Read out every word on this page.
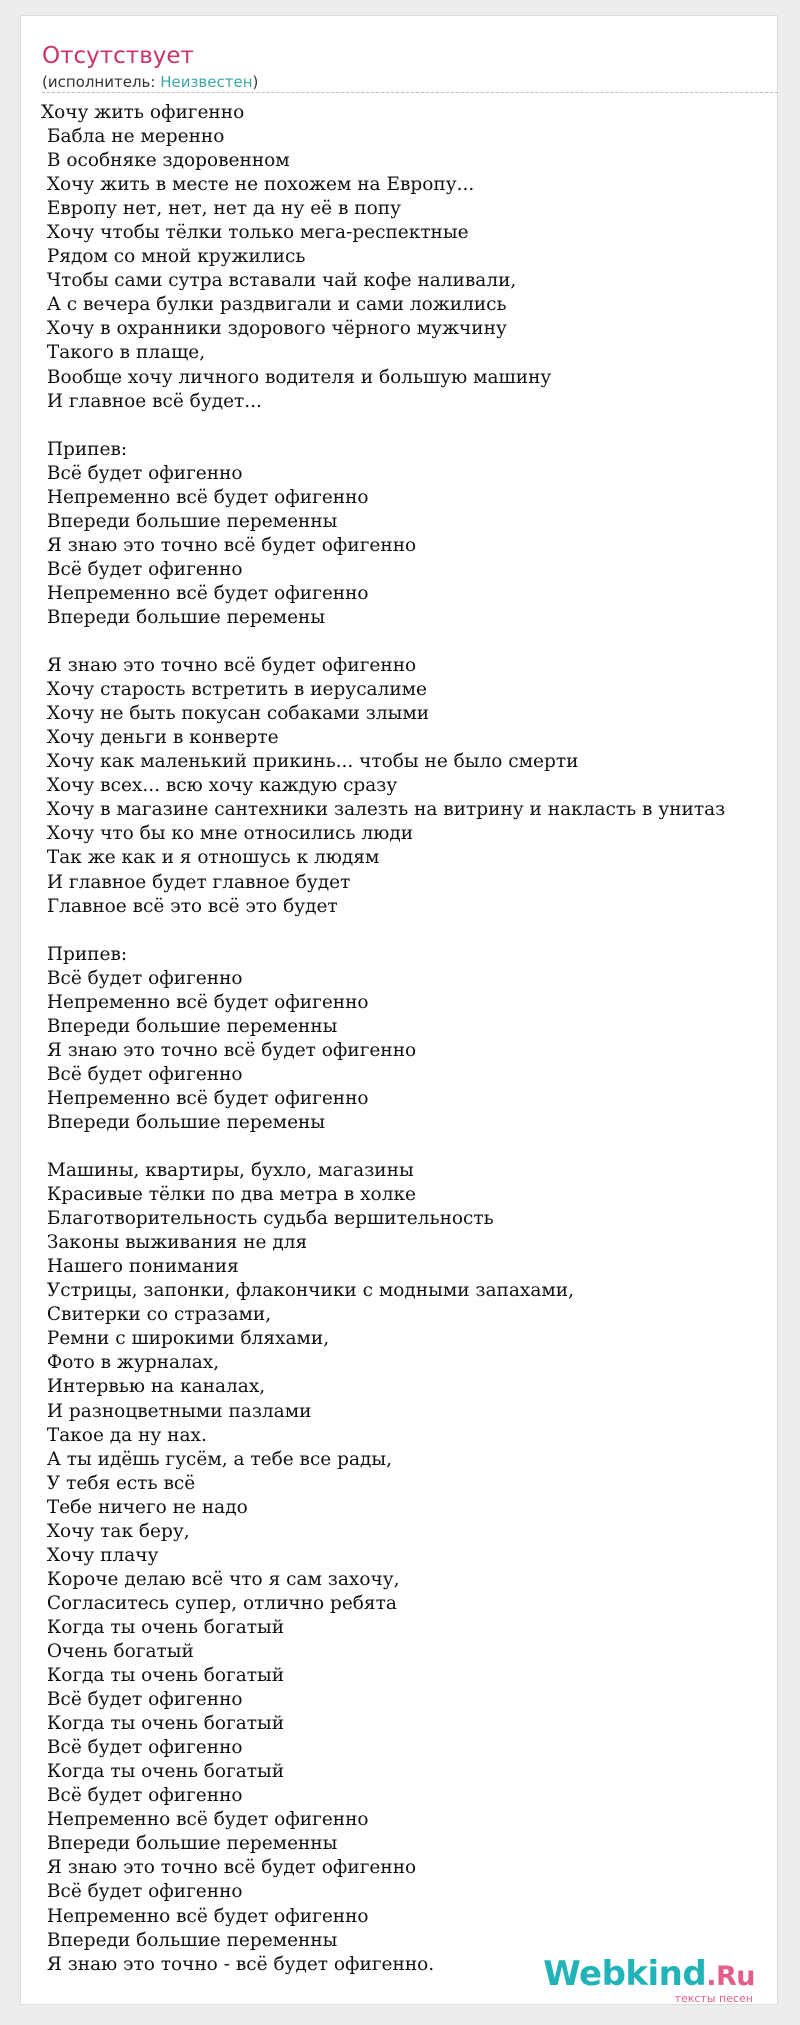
Отсутствует
(исполнитель: Неизвестен)
Хочу жить офигенно
Бабла не меренно
В особняке здоровенном
Хочу жить в месте не похожем на Европу...
Европу нет, нет, нет да ну её в попу
Хочу чтобы тёлки только мега-респектные
Рядом со мной кружились
Чтобы сами сутра вставали чай кофе наливали,
А с вечера булки раздвигали и сами ложились
Хочу в охранники здорового чёрного мужчину
Такого в плаще,
Вообще хочу личного водителя и большую машину
И главное всё будет...

Припев:
Всё будет офигенно
Непременно всё будет офигенно
Впереди большие переменны
Я знаю это точно всё будет офигенно
Всё будет офигенно
Непременно всё будет офигенно
Впереди большие перемены

Я знаю это точно всё будет офигенно
Хочу старость встретить в иерусалиме
Хочу не быть покусан собаками злыми
Хочу деньги в конверте
Хочу как маленький прикинь... чтобы не было смерти
Хочу всех... всю хочу каждую сразу
Хочу в магазине сантехники залезть на витрину и накласть в унитаз
Хочу что бы ко мне относились люди
Так же как и я отношусь к людям
И главное будет главное будет
Главное всё это всё это будет

Припев:
Всё будет офигенно
Непременно всё будет офигенно
Впереди большие переменны
Я знаю это точно всё будет офигенно
Всё будет офигенно
Непременно всё будет офигенно
Впереди большие перемены

Машины, квартиры, бухло, магазины
Красивые тёлки по два метра в холке
Благотворительность судьба вершительность
Законы выживания не для
Нашего понимания
Устрицы, запонки, флакончики с модными запахами,
Свитерки со стразами,
Ремни с широкими бляхами,
Фото в журналах,
Интервью на каналах,
И разноцветными пазлами
Такое да ну нах.
А ты идёшь гусём, а тебе все рады,
У тебя есть всё
Тебе ничего не надо
Хочу так беру,
Хочу плачу
Короче делаю всё что я сам захочу,
Согласитесь супер, отлично ребята
Когда ты очень богатый
Очень богатый
Когда ты очень богатый
Всё будет офигенно
Когда ты очень богатый
Всё будет офигенно
Когда ты очень богатый
Всё будет офигенно
Непременно всё будет офигенно
Впереди большие переменны
Я знаю это точно всё будет офигенно
Всё будет офигенно
Непременно всё будет офигенно
Впереди большие переменны
Я знаю это точно - всё будет офигенно.	Webkind.Ru
тексты песен
